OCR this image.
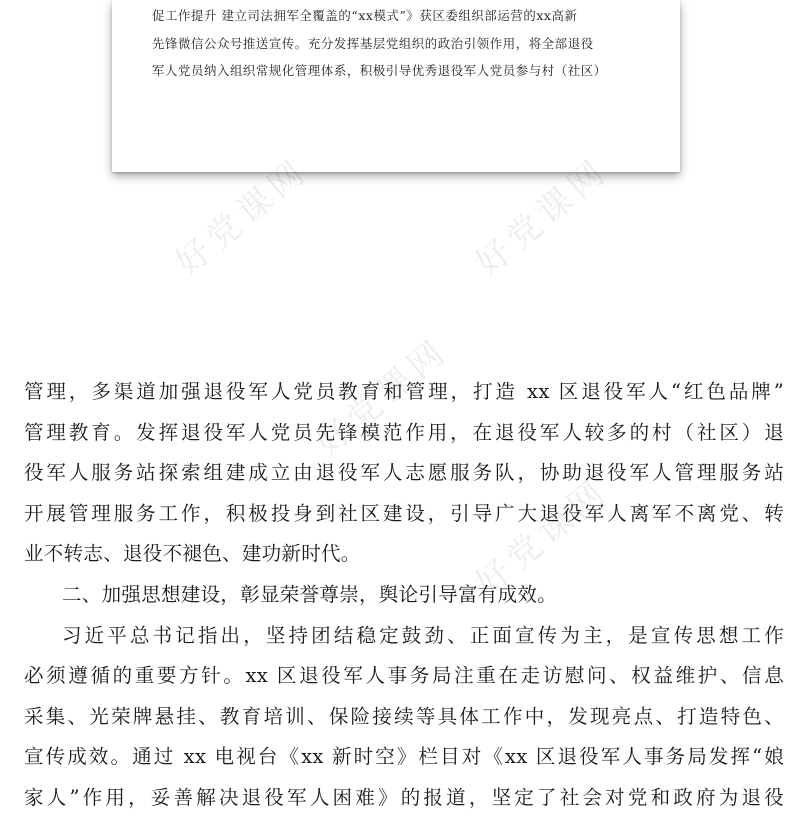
促工作提升 建立司法拥军全覆盖的“xx模式”》获区委组织部运营的xx高新
先锋微信公众号推送宣传。充分发挥基层党组织的政治引领作用，将全部退役
军人党员纳入组织常规化管理体系，积极引导优秀退役军人党员参与村（社区）
好党课网	好党课网
好党课网
好党课网
管理，多渠道加强退役军人党员教育和管理，打造 xx 区退役军人“红色品牌”
管理教育。发挥退役军人党员先锋模范作用，在退役军人较多的村（社区）退
役军人服务站探索组建成立由退役军人志愿服务队，协助退役军人管理服务站
开展管理服务工作，积极投身到社区建设，引导广大退役军人离军不离党、转
业不转志、退役不褪色、建功新时代。
二、加强思想建设，彰显荣誉尊崇，舆论引导富有成效。
习近平总书记指出，坚持团结稳定鼓劲、正面宣传为主，是宣传思想工作
必须遵循的重要方针。xx 区退役军人事务局注重在走访慰问、权益维护、信息
采集、光荣牌悬挂、教育培训、保险接续等具体工作中，发现亮点、打造特色、
宣传成效。通过 xx 电视台《xx 新时空》栏目对《xx 区退役军人事务局发挥“娘
家人”作用，妥善解决退役军人困难》的报道，坚定了社会对党和政府为退役
